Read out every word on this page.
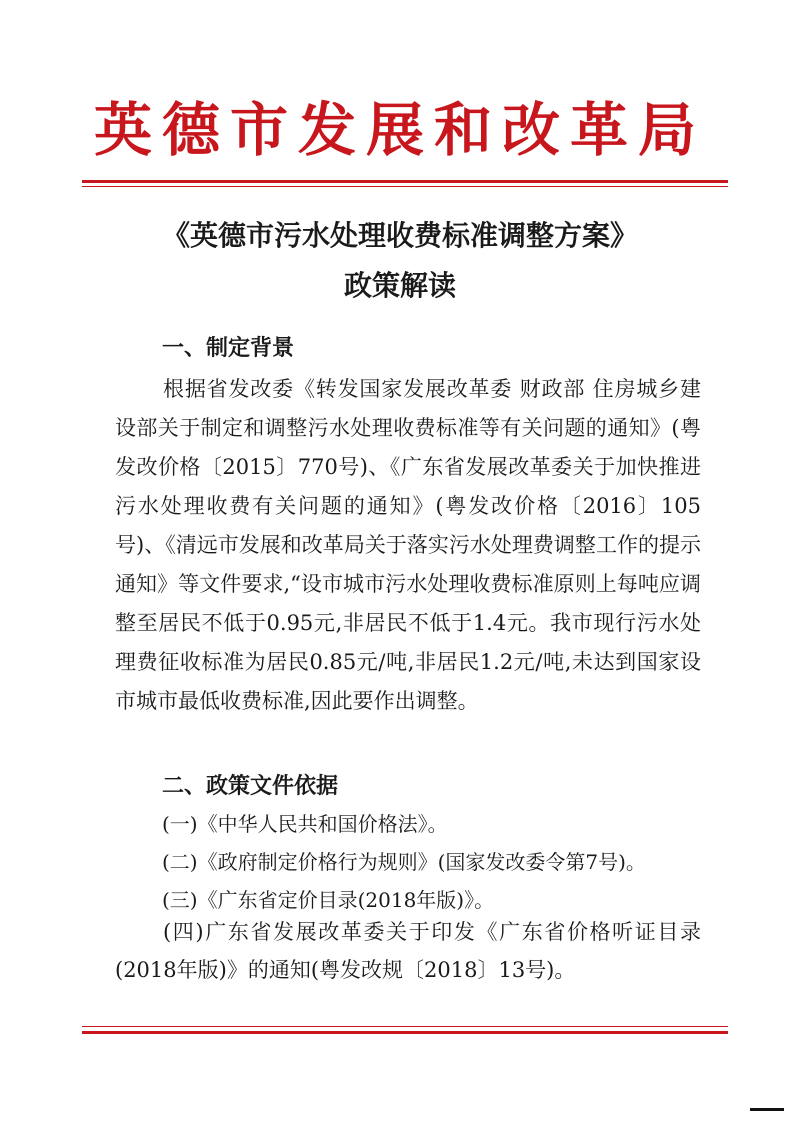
英德市发展和改革局
《英德市污水处理收费标准调整方案》
政策解读
一、制定背景

根据省发改委《转发国家发展改革委 财政部 住房城乡建设部关于制定和调整污水处理收费标准等有关问题的通知》(粤发改价格〔2015〕770号)、《广东省发展改革委关于加快推进污水处理收费有关问题的通知》(粤发改价格〔2016〕105号)、《清远市发展和改革局关于落实污水处理费调整工作的提示通知》等文件要求,“设市城市污水处理收费标准原则上每吨应调整至居民不低于0.95元,非居民不低于1.4元。我市现行污水处理费征收标准为居民0.85元/吨,非居民1.2元/吨,未达到国家设市城市最低收费标准,因此要作出调整。

二、政策文件依据
(一)《中华人民共和国价格法》。
(二)《政府制定价格行为规则》(国家发改委令第7号)。
(三)《广东省定价目录(2018年版)》。

(四)广东省发展改革委关于印发《广东省价格听证目录(2018年版)》的通知(粤发改规〔2018〕13号)。
